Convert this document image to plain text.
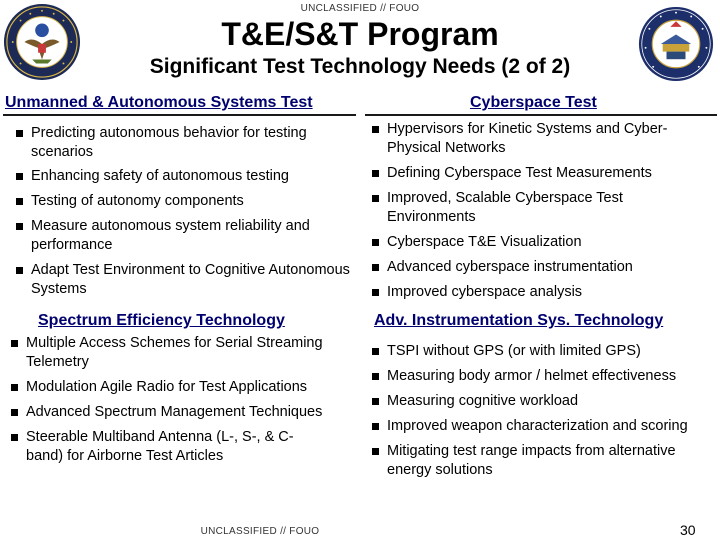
UNCLASSIFIED // FOUO
T&E/S&T Program
Significant Test Technology Needs (2 of 2)
Unmanned & Autonomous Systems Test	Cyberspace Test
Predicting autonomous behavior for testing scenarios
Enhancing safety of autonomous testing
Testing of autonomy components
Measure autonomous system reliability and performance
Adapt Test Environment to Cognitive Autonomous Systems
Hypervisors for Kinetic Systems and Cyber-Physical Networks
Defining Cyberspace Test Measurements
Improved, Scalable Cyberspace Test Environments
Cyberspace T&E Visualization
Advanced cyberspace instrumentation
Improved cyberspace analysis
Spectrum Efficiency Technology	Adv. Instrumentation Sys. Technology
Multiple Access Schemes for Serial Streaming Telemetry
Modulation Agile Radio for Test Applications
Advanced Spectrum Management Techniques
Steerable Multiband Antenna (L-, S-, & C-band) for Airborne Test Articles
TSPI without GPS (or with limited GPS)
Measuring body armor / helmet effectiveness
Measuring cognitive workload
Improved weapon characterization and scoring
Mitigating test range impacts from alternative energy solutions
UNCLASSIFIED // FOUO	30
